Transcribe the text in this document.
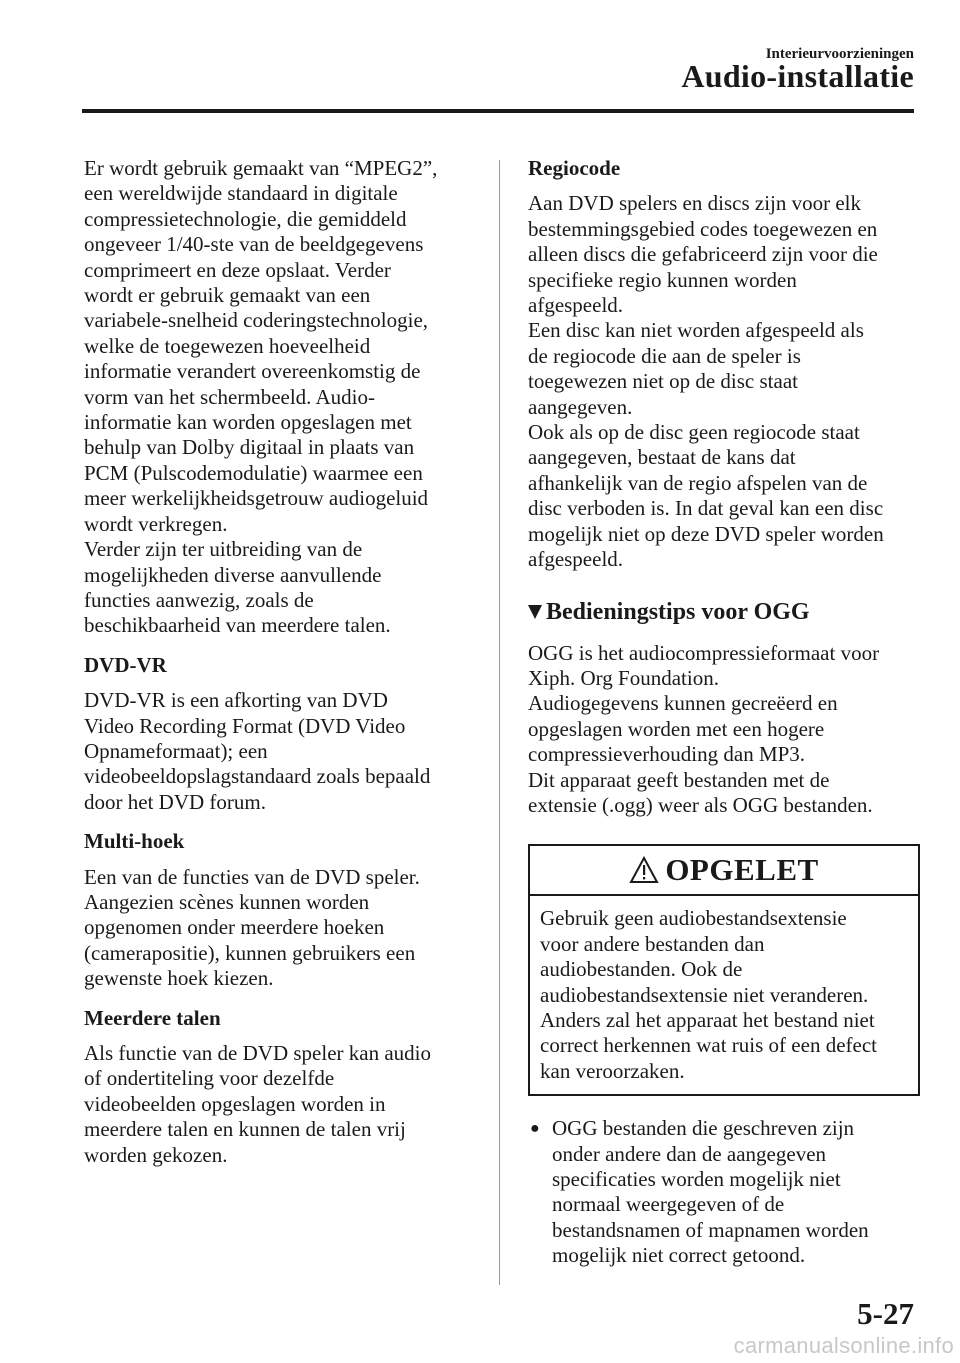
Interieurvoorzieningen
Audio-installatie

Er wordt gebruik gemaakt van “MPEG2”,

een wereldwijde standaard in digitale

compressietechnologie, die gemiddeld

ongeveer 1/40-ste van de beeldgegevens

comprimeert en deze opslaat. Verder

wordt er gebruik gemaakt van een

variabele-snelheid coderingstechnologie,

welke de toegewezen hoeveelheid

informatie verandert overeenkomstig de

vorm van het schermbeeld. Audio-

informatie kan worden opgeslagen met

behulp van Dolby digitaal in plaats van

PCM (Pulscodemodulatie) waarmee een

meer werkelijkheidsgetrouw audiogeluid

wordt verkregen.

Verder zijn ter uitbreiding van de

mogelijkheden diverse aanvullende

functies aanwezig, zoals de

beschikbaarheid van meerdere talen.

DVD-VR

DVD-VR is een afkorting van DVD

Video Recording Format (DVD Video

Opnameformaat); een

videobeeldopslagstandaard zoals bepaald

door het DVD forum.

Multi-hoek

Een van de functies van de DVD speler.

Aangezien scènes kunnen worden

opgenomen onder meerdere hoeken

(camerapositie), kunnen gebruikers een

gewenste hoek kiezen.

Meerdere talen

Als functie van de DVD speler kan audio

of ondertiteling voor dezelfde

videobeelden opgeslagen worden in

meerdere talen en kunnen de talen vrij

worden gekozen.

Regiocode

Aan DVD spelers en discs zijn voor elk

bestemmingsgebied codes toegewezen en

alleen discs die gefabriceerd zijn voor die

specifieke regio kunnen worden

afgespeeld.

Een disc kan niet worden afgespeeld als

de regiocode die aan de speler is

toegewezen niet op de disc staat

aangegeven.

Ook als op de disc geen regiocode staat

aangegeven, bestaat de kans dat

afhankelijk van de regio afspelen van de

disc verboden is. In dat geval kan een disc

mogelijk niet op deze DVD speler worden

afgespeeld.

Bedieningstips voor OGG

OGG is het audiocompressieformaat voor

Xiph. Org Foundation.

Audiogegevens kunnen gecreëerd en

opgeslagen worden met een hogere

compressieverhouding dan MP3.

Dit apparaat geeft bestanden met de

extensie (.ogg) weer als OGG bestanden.

OPGELET

Gebruik geen audiobestandsextensie

voor andere bestanden dan

audiobestanden. Ook de

audiobestandsextensie niet veranderen.

Anders zal het apparaat het bestand niet

correct herkennen wat ruis of een defect

kan veroorzaken.

● OGG bestanden die geschreven zijn

onder andere dan de aangegeven

specificaties worden mogelijk niet

normaal weergegeven of de

bestandsnamen of mapnamen worden

mogelijk niet correct getoond.

5-27
carmanualsonline.info
